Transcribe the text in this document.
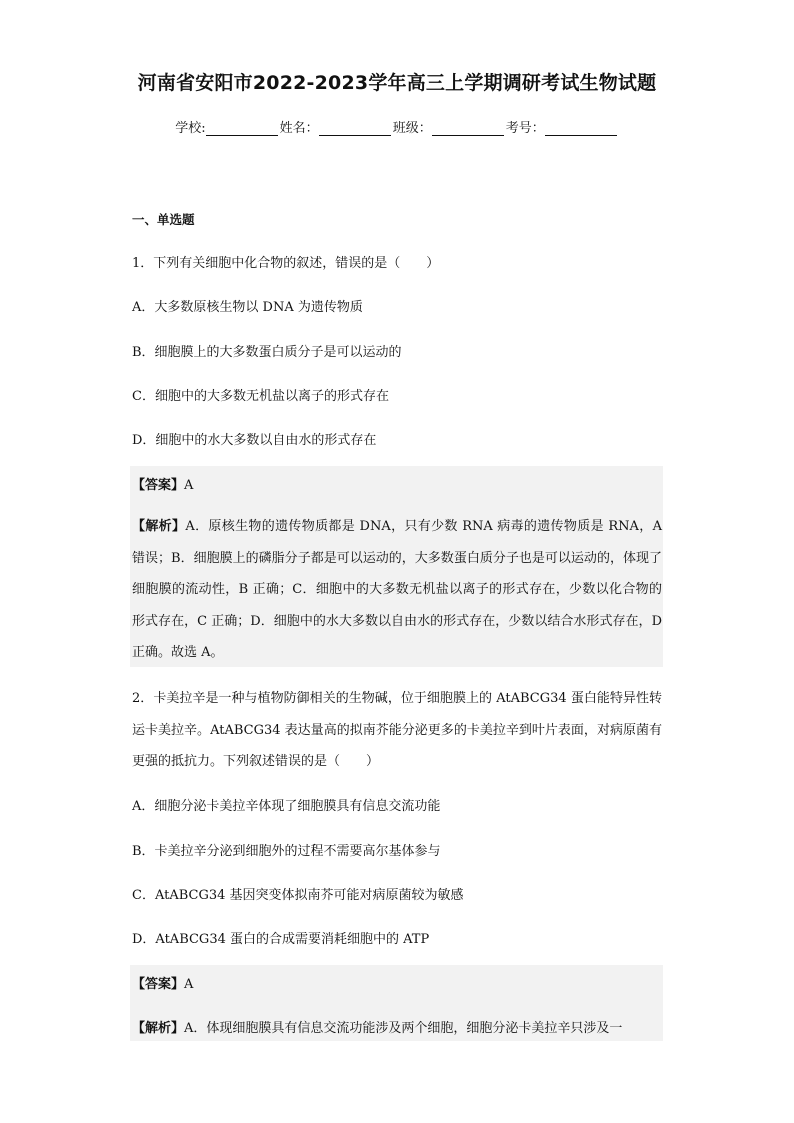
河南省安阳市2022-2023学年高三上学期调研考试生物试题
学校:	姓名：	班级：	考号：
一、单选题
1．下列有关细胞中化合物的叙述，错误的是（　　）
A．大多数原核生物以 DNA 为遗传物质
B．细胞膜上的大多数蛋白质分子是可以运动的
C．细胞中的大多数无机盐以离子的形式存在
D．细胞中的水大多数以自由水的形式存在
【答案】A
【解析】A．原核生物的遗传物质都是 DNA，只有少数 RNA 病毒的遗传物质是 RNA，A 错误；B．细胞膜上的磷脂分子都是可以运动的，大多数蛋白质分子也是可以运动的，体现了细胞膜的流动性，B 正确；C．细胞中的大多数无机盐以离子的形式存在，少数以化合物的形式存在，C 正确；D．细胞中的水大多数以自由水的形式存在，少数以结合水形式存在，D 正确。故选 A。
2．卡美拉辛是一种与植物防御相关的生物碱，位于细胞膜上的 AtABCG34 蛋白能特异性转运卡美拉辛。AtABCG34 表达量高的拟南芥能分泌更多的卡美拉辛到叶片表面，对病原菌有更强的抵抗力。下列叙述错误的是（　　）
A．细胞分泌卡美拉辛体现了细胞膜具有信息交流功能
B．卡美拉辛分泌到细胞外的过程不需要高尔基体参与
C．AtABCG34 基因突变体拟南芥可能对病原菌较为敏感
D．AtABCG34 蛋白的合成需要消耗细胞中的 ATP
【答案】A
【解析】A．体现细胞膜具有信息交流功能涉及两个细胞，细胞分泌卡美拉辛只涉及一
